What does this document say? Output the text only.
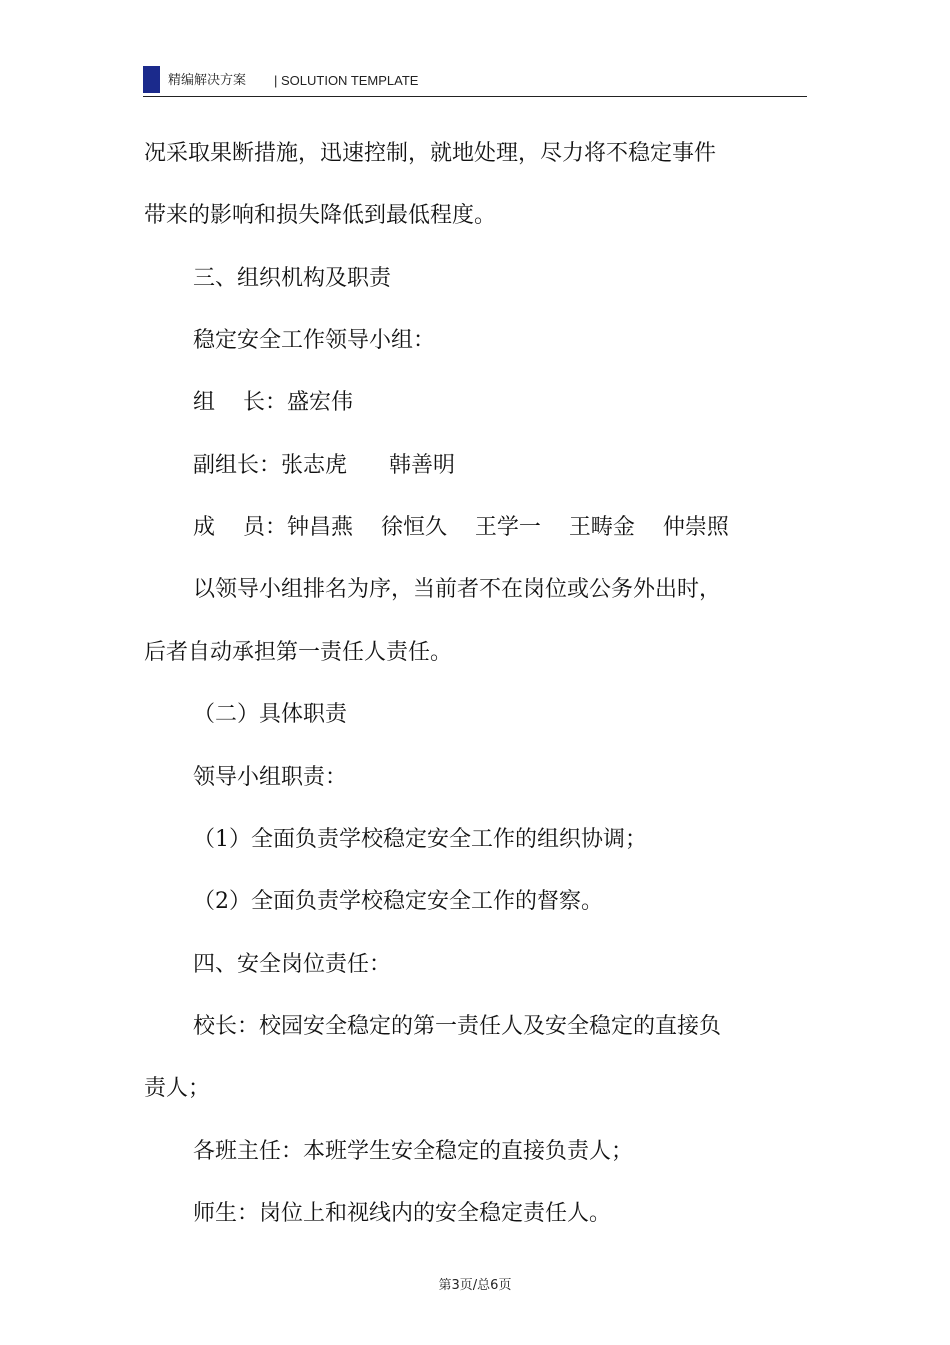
精编解决方案 | SOLUTION TEMPLATE
况采取果断措施，迅速控制，就地处理，尽力将不稳定事件
带来的影响和损失降低到最低程度。
三、组织机构及职责
稳定安全工作领导小组：
组    长：盛宏伟
副组长：张志虎      韩善明
成    员：钟昌燕    徐恒久    王学一    王畴金    仲崇照
以领导小组排名为序，当前者不在岗位或公务外出时，
后者自动承担第一责任人责任。
（二）具体职责
领导小组职责：
（1）全面负责学校稳定安全工作的组织协调；
（2）全面负责学校稳定安全工作的督察。
四、安全岗位责任：
校长：校园安全稳定的第一责任人及安全稳定的直接负
责人；
各班主任：本班学生安全稳定的直接负责人；
师生：岗位上和视线内的安全稳定责任人。
第3页/总6页
